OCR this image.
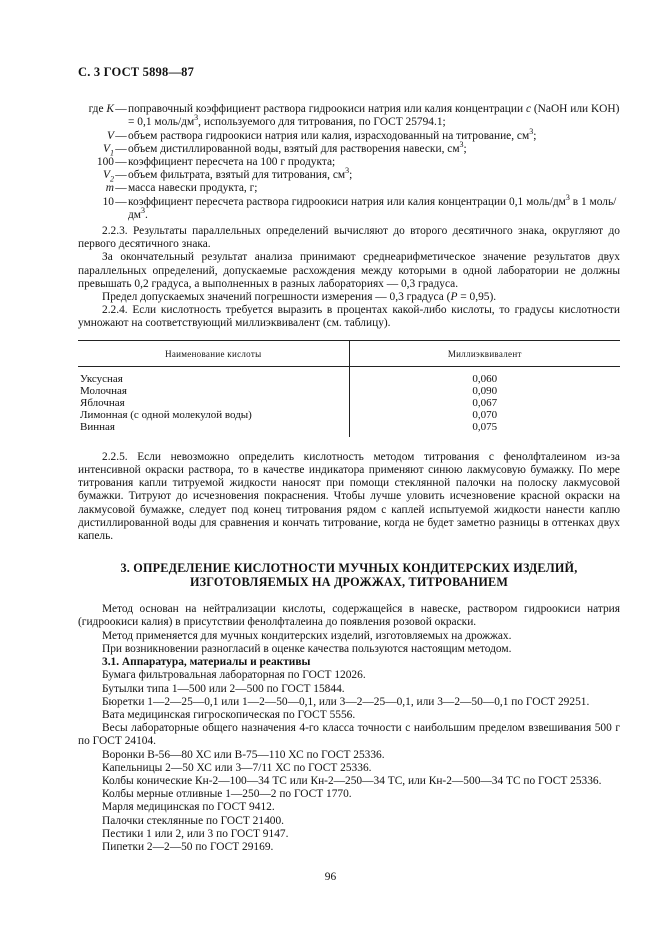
С. 3 ГОСТ 5898—87
где K — поправочный коэффициент раствора гидроокиси натрия или калия концентрации c (NaOH или KOH) = 0,1 моль/$дм^3$, используемого для титрования, по ГОСТ 25794.1;
V — объем раствора гидроокиси натрия или калия, израсходованный на титрование, $см^3$;
$V_1$ — объем дистиллированной воды, взятый для растворения навески, $см^3$;
100 — коэффициент пересчета на 100 г продукта;
$V_2$ — объем фильтрата, взятый для титрования, $см^3$;
m — масса навески продукта, г;
10 — коэффициент пересчета раствора гидроокиси натрия или калия концентрации 0,1 моль/$дм^3$ в 1 моль/$дм^3$.

2.2.3. Результаты параллельных определений вычисляют до второго десятичного знака, округляют до первого десятичного знака.

За окончательный результат анализа принимают среднеарифметическое значение результатов двух параллельных определений, допускаемые расхождения между которыми в одной лаборатории не должны превышать 0,2 градуса, а выполненных в разных лабораториях — 0,3 градуса.

Предел допускаемых значений погрешности измерения — 0,3 градуса (P = 0,95).

2.2.4. Если кислотность требуется выразить в процентах какой-либо кислоты, то градусы кислотности умножают на соответствующий миллиэквивалент (см. таблицу).

Наименование кислоты	Миллиэквивалент
Уксусная	0,060
Молочная	0,090
Яблочная	0,067
Лимонная (с одной молекулой воды)	0,070
Винная	0,075

2.2.5. Если невозможно определить кислотность методом титрования с фенолфталеином из-за интенсивной окраски раствора, то в качестве индикатора применяют синюю лакмусовую бумажку. По мере титрования капли титруемой жидкости наносят при помощи стеклянной палочки на полоску лакмусовой бумажки. Титруют до исчезновения покраснения. Чтобы лучше уловить исчезновение красной окраски на лакмусовой бумажке, следует под конец титрования рядом с каплей испытуемой жидкости нанести каплю дистиллированной воды для сравнения и кончать титрование, когда не будет заметно разницы в оттенках двух капель.

3. ОПРЕДЕЛЕНИЕ КИСЛОТНОСТИ МУЧНЫХ КОНДИТЕРСКИХ ИЗДЕЛИЙ,
ИЗГОТОВЛЯЕМЫХ НА ДРОЖЖАХ, ТИТРОВАНИЕМ

Метод основан на нейтрализации кислоты, содержащейся в навеске, раствором гидроокиси натрия (гидроокиси калия) в присутствии фенолфталеина до появления розовой окраски.

Метод применяется для мучных кондитерских изделий, изготовляемых на дрожжах.

При возникновении разногласий в оценке качества пользуются настоящим методом.

3.1. Аппаратура, материалы и реактивы

Бумага фильтровальная лабораторная по ГОСТ 12026.

Бутылки типа 1—500 или 2—500 по ГОСТ 15844.

Бюретки 1—2—25—0,1 или 1—2—50—0,1, или 3—2—25—0,1, или 3—2—50—0,1 по ГОСТ 29251.

Вата медицинская гигроскопическая по ГОСТ 5556.

Весы лабораторные общего назначения 4-го класса точности с наибольшим пределом взвешивания 500 г по ГОСТ 24104.

Воронки В-56—80 ХС или В-75—110 ХС по ГОСТ 25336.

Капельницы 2—50 ХС или 3—7/11 ХС по ГОСТ 25336.

Колбы конические Кн-2—100—34 ТС или Кн-2—250—34 ТС, или Кн-2—500—34 ТС по ГОСТ 25336.

Колбы мерные отливные 1—250—2 по ГОСТ 1770.

Марля медицинская по ГОСТ 9412.

Палочки стеклянные по ГОСТ 21400.

Пестики 1 или 2, или 3 по ГОСТ 9147.

Пипетки 2—2—50 по ГОСТ 29169.

96
